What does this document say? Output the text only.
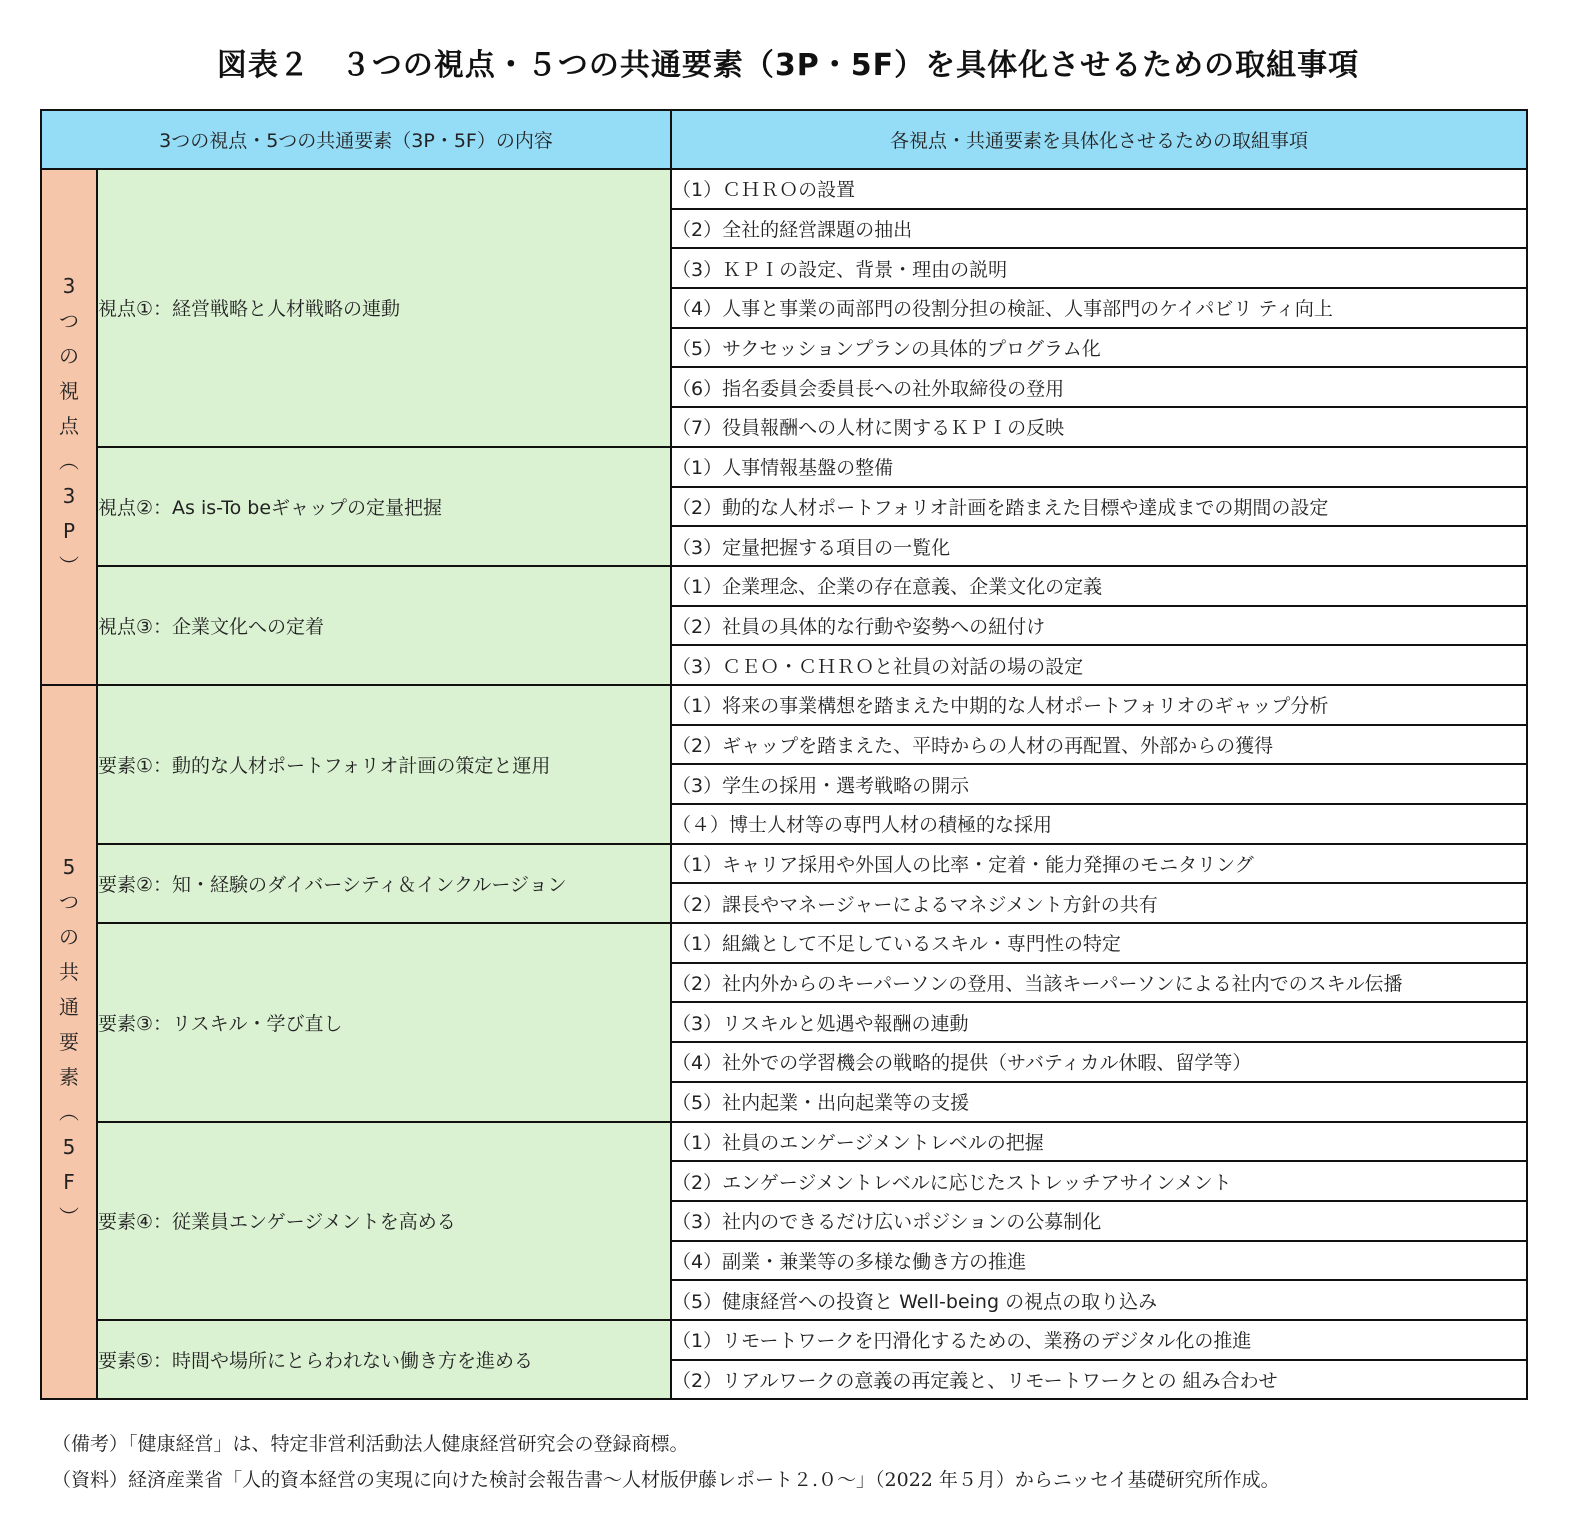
図表２　３つの視点・５つの共通要素（3P・5F）を具体化させるための取組事項
3つの視点・5つの共通要素（3P・5F）の内容		各視点・共通要素を具体化させるための取組事項

3
つ
の
視
点
︵
3
P
︶
	視点①：経営戦略と人材戦略の連動	（1）ＣＨＲＯの設置
		（2）全社的経営課題の抽出
		（3）ＫＰＩの設定、背景・理由の説明
		（4）人事と事業の両部門の役割分担の検証、人事部門のケイパビリ ティ向上
		（5）サクセッションプランの具体的プログラム化
		（6）指名委員会委員長への社外取締役の登用
		（7）役員報酬への人材に関するＫＰＩの反映
	視点②：As is-To beギャップの定量把握	（1）人事情報基盤の整備
		（2）動的な人材ポートフォリオ計画を踏まえた目標や達成までの期間の設定
		（3）定量把握する項目の一覧化
	視点③：企業文化への定着	（1）企業理念、企業の存在意義、企業文化の定義
		（2）社員の具体的な行動や姿勢への紐付け
		（3）ＣＥＯ・ＣＨＲＯと社員の対話の場の設定

5
つ
の
共
通
要
素
︵
5
F
︶
	要素①：動的な人材ポートフォリオ計画の策定と運用	（1）将来の事業構想を踏まえた中期的な人材ポートフォリオのギャップ分析
		（2）ギャップを踏まえた、平時からの人材の再配置、外部からの獲得
		（3）学生の採用・選考戦略の開示
		（４）博士人材等の専門人材の積極的な採用
	要素②：知・経験のダイバーシティ＆インクルージョン	（1）キャリア採用や外国人の比率・定着・能力発揮のモニタリング
		（2）課長やマネージャーによるマネジメント方針の共有
	要素③：リスキル・学び直し	（1）組織として不足しているスキル・専門性の特定
		（2）社内外からのキーパーソンの登用、当該キーパーソンによる社内でのスキル伝播
		（3）リスキルと処遇や報酬の連動
		（4）社外での学習機会の戦略的提供（サバティカル休暇、留学等）
		（5）社内起業・出向起業等の支援
	要素④：従業員エンゲージメントを高める	（1）社員のエンゲージメントレベルの把握
		（2）エンゲージメントレベルに応じたストレッチアサインメント
		（3）社内のできるだけ広いポジションの公募制化
		（4）副業・兼業等の多様な働き方の推進
		（5）健康経営への投資と Well-being の視点の取り込み
	要素⑤：時間や場所にとらわれない働き方を進める	（1）リモートワークを円滑化するための、業務のデジタル化の推進
		（2）リアルワークの意義の再定義と、リモートワークとの 組み合わせ
（備考）「健康経営」は、特定非営利活動法人健康経営研究会の登録商標。
（資料）経済産業省「人的資本経営の実現に向けた検討会報告書～人材版伊藤レポート２.０～」（2022 年５月）からニッセイ基礎研究所作成。
